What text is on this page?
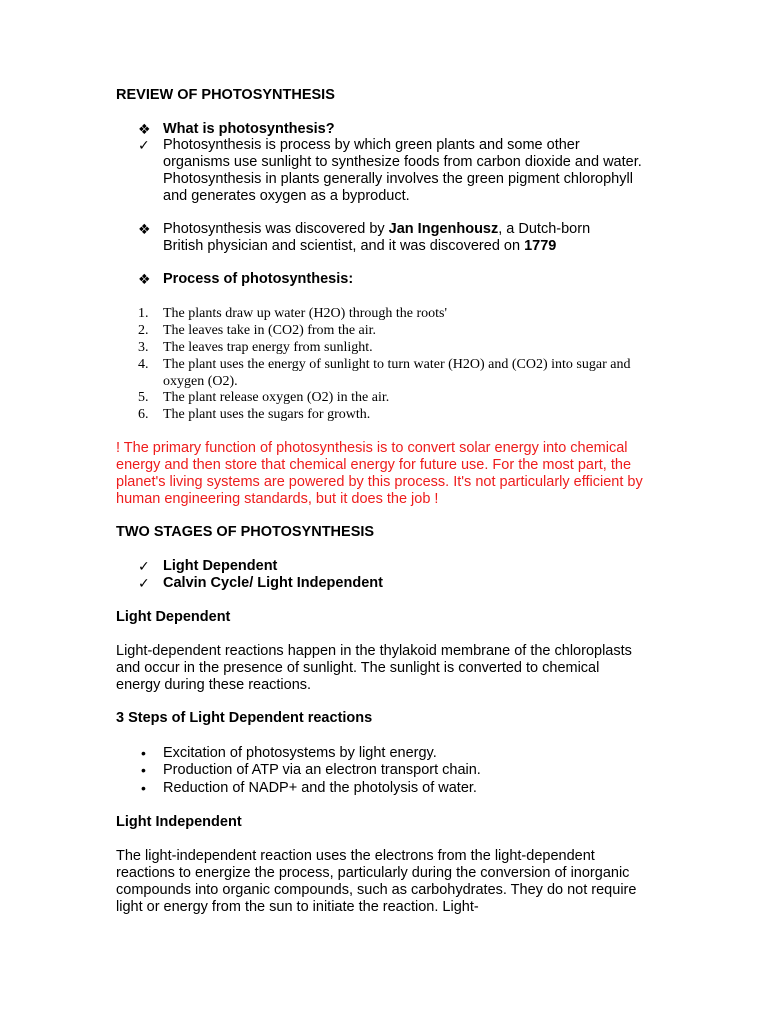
REVIEW OF PHOTOSYNTHESIS
❖ What is photosynthesis?
✓ Photosynthesis is process by which green plants and some other organisms use sunlight to synthesize foods from carbon dioxide and water. Photosynthesis in plants generally involves the green pigment chlorophyll and generates oxygen as a byproduct.

❖ Photosynthesis was discovered by Jan Ingenhousz, a Dutch-born British physician and scientist, and it was discovered on 1779

❖ Process of photosynthesis:
1. The plants draw up water (H2O) through the roots'

2. The leaves take in (CO2) from the air.

3. The leaves trap energy from sunlight.

4. The plant uses the energy of sunlight to turn water (H2O) and (CO2) into sugar and oxygen (O2).

5. The plant release oxygen (O2) in the air.

6. The plant uses the sugars for growth.

! The primary function of photosynthesis is to convert solar energy into chemical energy and then store that chemical energy for future use. For the most part, the planet's living systems are powered by this process. It's not particularly efficient by human engineering standards, but it does the job !

TWO STAGES OF PHOTOSYNTHESIS
✓ Light Dependent
✓ Calvin Cycle/ Light Independent
Light Dependent

Light-dependent reactions happen in the thylakoid membrane of the chloroplasts and occur in the presence of sunlight. The sunlight is converted to chemical energy during these reactions.

3 Steps of Light Dependent reactions
• Excitation of photosystems by light energy.
• Production of ATP via an electron transport chain.
• Reduction of NADP+ and the photolysis of water.
Light Independent

The light-independent reaction uses the electrons from the light-dependent reactions to energize the process, particularly during the conversion of inorganic compounds into organic compounds, such as carbohydrates. They do not require light or energy from the sun to initiate the reaction. Light-
